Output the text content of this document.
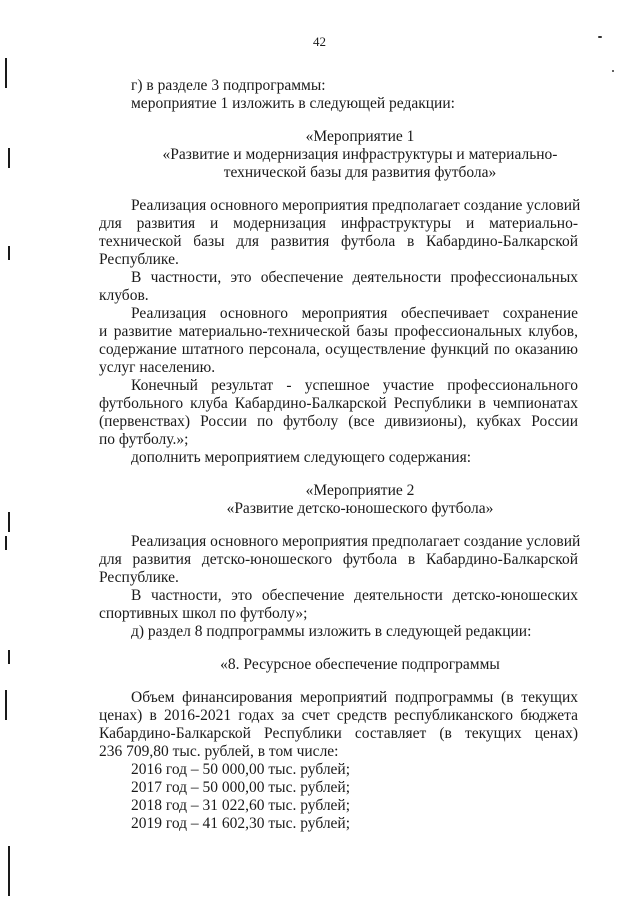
42
г) в разделе 3 подпрограммы:
мероприятие 1 изложить в следующей редакции:
«Мероприятие 1
«Развитие и модернизация инфраструктуры и материально-
технической базы для развития футбола»
Реализация основного мероприятия предполагает создание условий
для развития и модернизация инфраструктуры и материально-
технической базы для развития футбола в Кабардино-Балкарской
Республике.
В частности, это обеспечение деятельности профессиональных
клубов.
Реализация основного мероприятия обеспечивает сохранение
и развитие материально-технической базы профессиональных клубов,
содержание штатного персонала, осуществление функций по оказанию
услуг населению.
Конечный результат - успешное участие профессионального
футбольного клуба Кабардино-Балкарской Республики в чемпионатах
(первенствах) России по футболу (все дивизионы), кубках России
по футболу.»;
дополнить мероприятием следующего содержания:
«Мероприятие 2
«Развитие детско-юношеского футбола»
Реализация основного мероприятия предполагает создание условий
для развития детско-юношеского футбола в Кабардино-Балкарской
Республике.
В частности, это обеспечение деятельности детско-юношеских
спортивных школ по футболу»;
д) раздел 8 подпрограммы изложить в следующей редакции:
«8. Ресурсное обеспечение подпрограммы
Объем финансирования мероприятий подпрограммы (в текущих
ценах) в 2016-2021 годах за счет средств республиканского бюджета
Кабардино-Балкарской Республики составляет (в текущих ценах)
236 709,80 тыс. рублей, в том числе:
2016 год – 50 000,00 тыс. рублей;
2017 год – 50 000,00 тыс. рублей;
2018 год – 31 022,60 тыс. рублей;
2019 год – 41 602,30 тыс. рублей;
